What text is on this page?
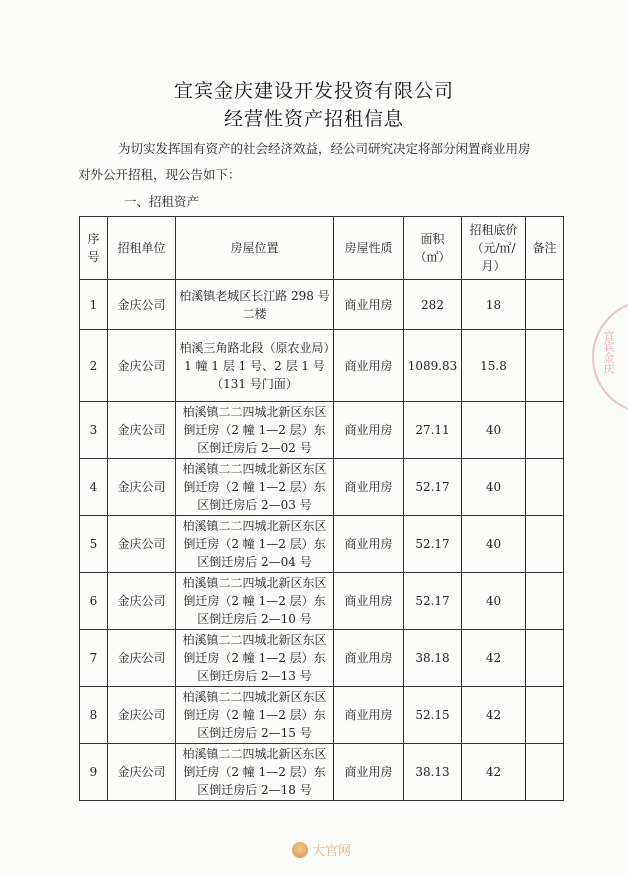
宜宾金庆建设开发投资有限公司
经营性资产招租信息
为切实发挥国有资产的社会经济效益，经公司研究决定将部分闲置商业用房
对外公开招租，现公告如下：
一、招租资产
序号	招租单位	房屋位置	房屋性质	面积（㎡）	招租底价（元/㎡/月）	备注
1	金庆公司	柏溪镇老城区长江路 298 号二楼	商业用房	282	18	
2	金庆公司	柏溪三角路北段（原农业局）1 幢 1 层 1 号、2 层 1 号（131 号门面）	商业用房	1089.83	15.8	
3	金庆公司	柏溪镇二二四城北新区东区倒迁房（2 幢 1—2 层）东区倒迁房后 2—02 号	商业用房	27.11	40	
4	金庆公司	柏溪镇二二四城北新区东区倒迁房（2 幢 1—2 层）东区倒迁房后 2—03 号	商业用房	52.17	40	
5	金庆公司	柏溪镇二二四城北新区东区倒迁房（2 幢 1—2 层）东区倒迁房后 2—04 号	商业用房	52.17	40	
6	金庆公司	柏溪镇二二四城北新区东区倒迁房（2 幢 1—2 层）东区倒迁房后 2—10 号	商业用房	52.17	40	
7	金庆公司	柏溪镇二二四城北新区东区倒迁房（2 幢 1—2 层）东区倒迁房后 2—13 号	商业用房	38.18	42	
8	金庆公司	柏溪镇二二四城北新区东区倒迁房（2 幢 1—2 层）东区倒迁房后 2—15 号	商业用房	52.15	42	
9	金庆公司	柏溪镇二二四城北新区东区倒迁房（2 幢 1—2 层）东区倒迁房后 2—18 号	商业用房	38.13	42	
宜宾金庆
大官网
